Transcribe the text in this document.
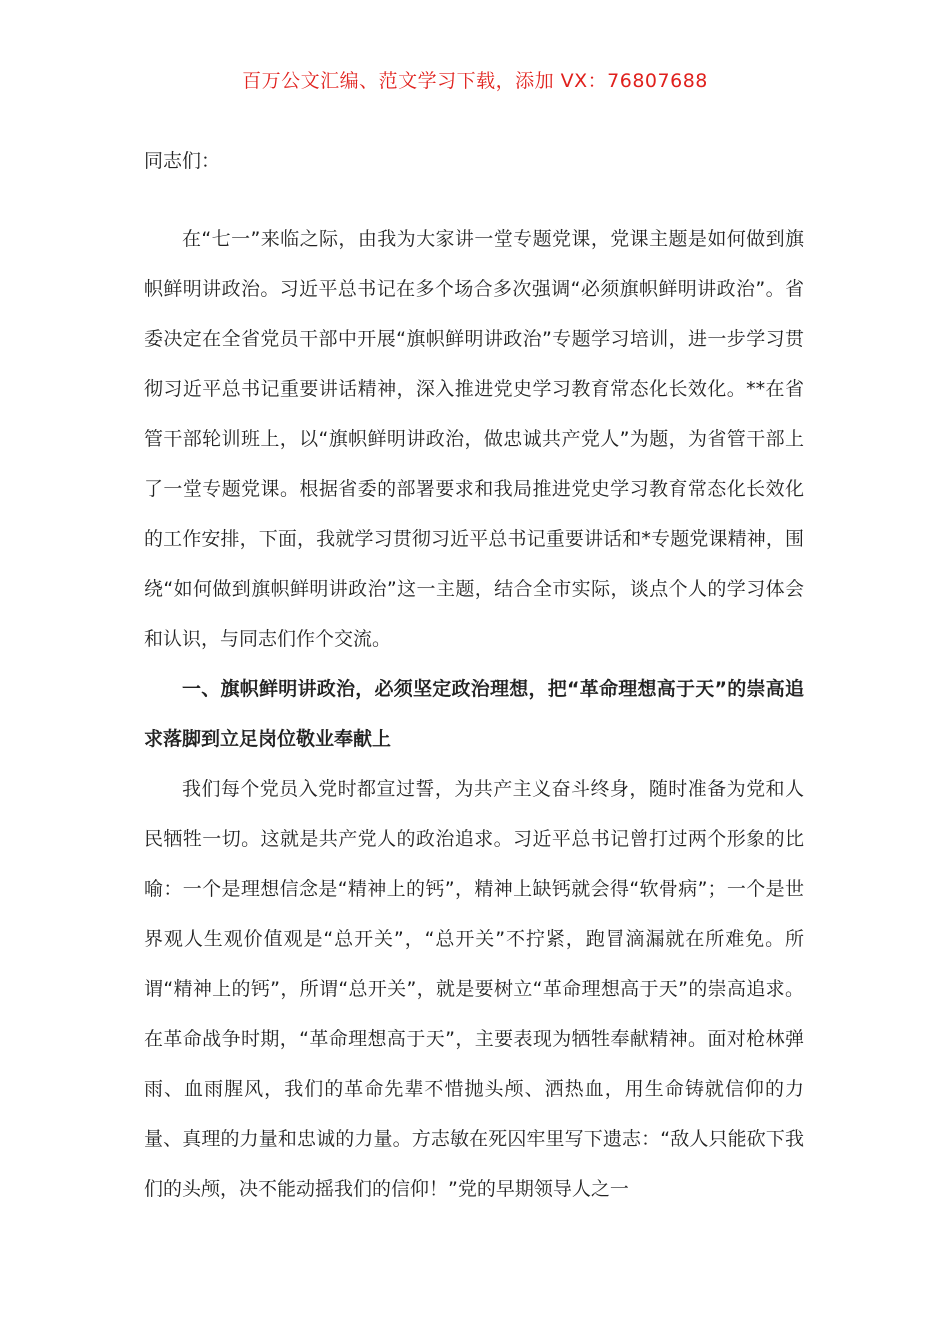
百万公文汇编、范文学习下载，添加 VX：76807688

同志们：

在“七一”来临之际，由我为大家讲一堂专题党课，党课主题是如何做到旗帜鲜明讲政治。习近平总书记在多个场合多次强调“必须旗帜鲜明讲政治”。省委决定在全省党员干部中开展“旗帜鲜明讲政治”专题学习培训，进一步学习贯彻习近平总书记重要讲话精神，深入推进党史学习教育常态化长效化。**在省管干部轮训班上，以“旗帜鲜明讲政治，做忠诚共产党人”为题，为省管干部上了一堂专题党课。根据省委的部署要求和我局推进党史学习教育常态化长效化的工作安排，下面，我就学习贯彻习近平总书记重要讲话和*专题党课精神，围绕“如何做到旗帜鲜明讲政治”这一主题，结合全市实际，谈点个人的学习体会和认识，与同志们作个交流。

一、旗帜鲜明讲政治，必须坚定政治理想，把“革命理想高于天”的崇高追求落脚到立足岗位敬业奉献上

我们每个党员入党时都宣过誓，为共产主义奋斗终身，随时准备为党和人民牺牲一切。这就是共产党人的政治追求。习近平总书记曾打过两个形象的比喻：一个是理想信念是“精神上的钙”，精神上缺钙就会得“软骨病”；一个是世界观人生观价值观是“总开关”，“总开关”不拧紧，跑冒滴漏就在所难免。所谓“精神上的钙”，所谓“总开关”，就是要树立“革命理想高于天”的崇高追求。在革命战争时期，“革命理想高于天”，主要表现为牺牲奉献精神。面对枪林弹雨、血雨腥风，我们的革命先辈不惜抛头颅、洒热血，用生命铸就信仰的力量、真理的力量和忠诚的力量。方志敏在死囚牢里写下遗志：“敌人只能砍下我们的头颅，决不能动摇我们的信仰！”党的早期领导人之一
